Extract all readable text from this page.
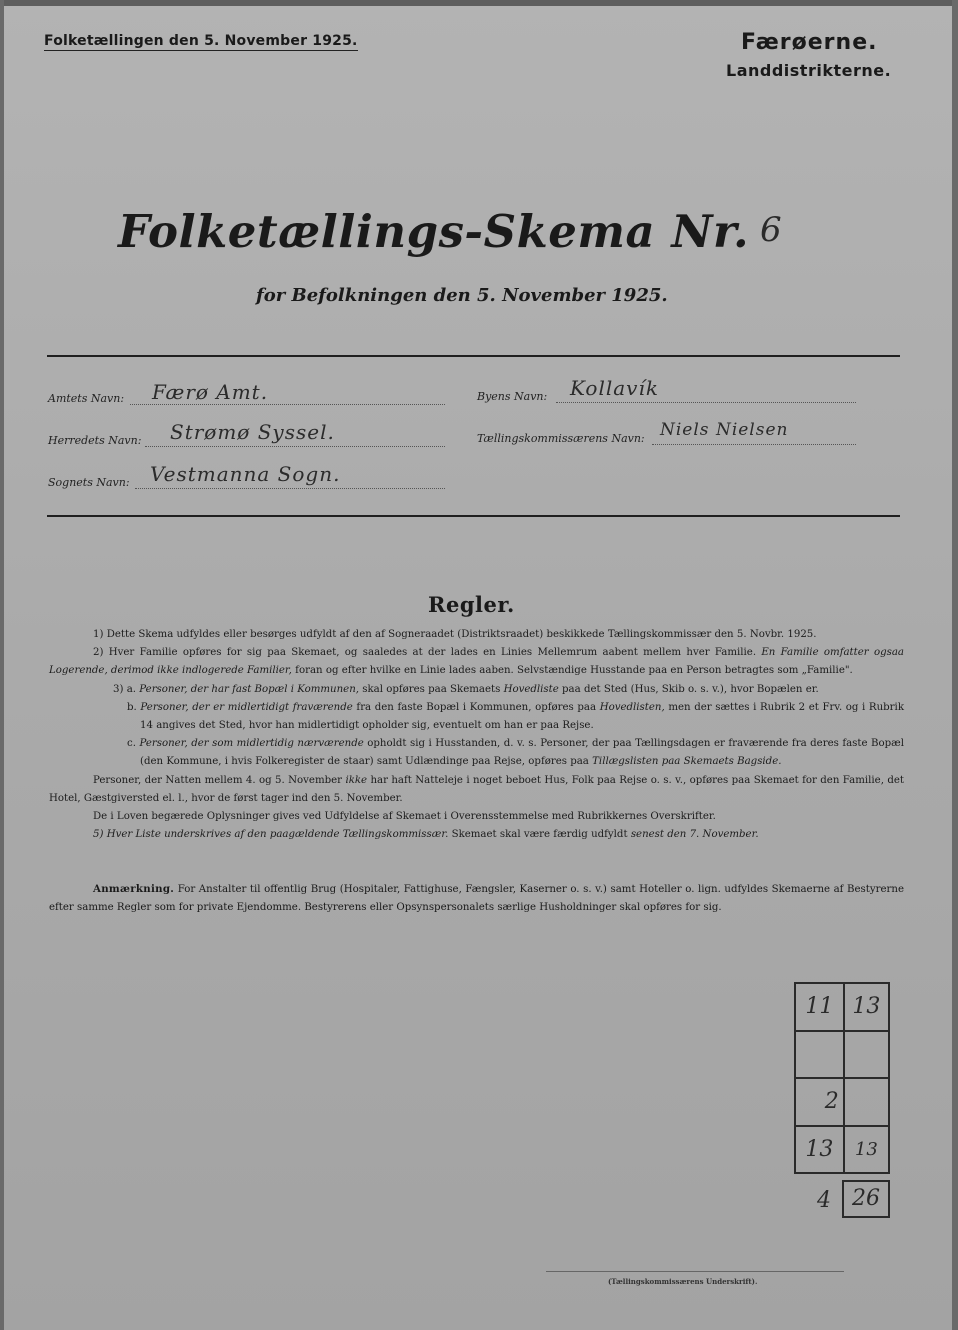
Folketællingen den 5. November 1925.	Færøerne.
Landdistrikterne.
Folketællings-Skema Nr. 6
for Befolkningen den 5. November 1925.
Amtets Navn: Færø Amt.
Herredets Navn: Strømø Syssel.
Sognets Navn: Vestmanna Sogn.
Byens Navn: Kollavík
Tællingskommissærens Navn: Niels Nielsen
Regler.

1) Dette Skema udfyldes eller besørges udfyldt af den af Sogneraadet (Distriktsraadet) beskikkede Tællingskommissær den 5. Novbr. 1925.

2) Hver Familie opføres for sig paa Skemaet, og saaledes at der lades en Linies Mellemrum aabent mellem hver Familie. En Familie omfatter ogsaa Logerende, derimod ikke indlogerede Familier, foran og efter hvilke en Linie lades aaben. Selvstændige Husstande paa en Person betragtes som „Familie".

3) a. Personer, der har fast Bopæl i Kommunen, skal opføres paa Skemaets Hovedliste paa det Sted (Hus, Skib o. s. v.), hvor Bopælen er.

b. Personer, der er midlertidigt fraværende fra den faste Bopæl i Kommunen, opføres paa Hovedlisten, men der sættes i Rubrik 2 et Frv. og i Rubrik 14 angives det Sted, hvor han midlertidigt opholder sig, eventuelt om han er paa Rejse.

c. Personer, der som midlertidig nærværende opholdt sig i Husstanden, d. v. s. Personer, der paa Tællingsdagen er fraværende fra deres faste Bopæl (den Kommune, i hvis Folkeregister de staar) samt Udlændinge paa Rejse, opføres paa Tillægslisten paa Skemaets Bagside.

Personer, der Natten mellem 4. og 5. November ikke har haft Natteleje i noget beboet Hus, Folk paa Rejse o. s. v., opføres paa Skemaet for den Familie, det Hotel, Gæstgiversted el. l., hvor de først tager ind den 5. November.

De i Loven begærede Oplysninger gives ved Udfyldelse af Skemaet i Overensstemmelse med Rubrikkernes Overskrifter.

5) Hver Liste underskrives af den paagældende Tællingskommissær. Skemaet skal være færdig udfyldt senest den 7. November.

Anmærkning. For Anstalter til offentlig Brug (Hospitaler, Fattighuse, Fængsler, Kaserner o. s. v.) samt Hoteller o. lign. udfyldes Skemaerne af Bestyrerne efter samme Regler som for private Ejendomme. Bestyrerens eller Opsynspersonalets særlige Husholdninger skal opføres for sig.
11	13

2	
13	13
4 26
(Tællingskommissærens Underskrift).
